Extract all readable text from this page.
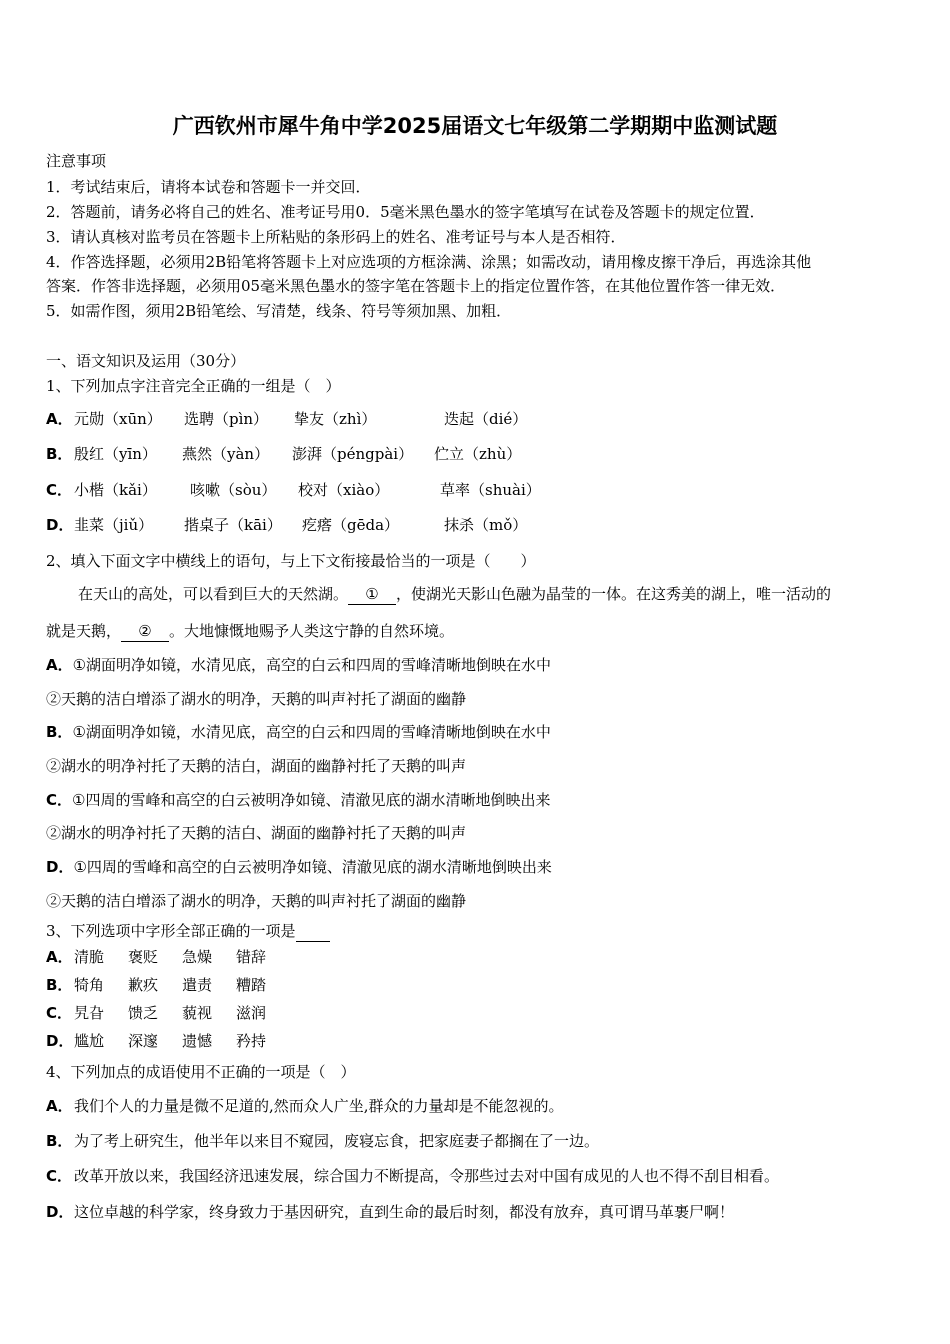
广西钦州市犀牛角中学2025届语文七年级第二学期期中监测试题
注意事项
1．考试结束后，请将本试卷和答题卡一并交回．
2．答题前，请务必将自己的姓名、准考证号用0．5毫米黑色墨水的签字笔填写在试卷及答题卡的规定位置．
3．请认真核对监考员在答题卡上所粘贴的条形码上的姓名、准考证号与本人是否相符．
4．作答选择题，必须用2B铅笔将答题卡上对应选项的方框涂满、涂黑；如需改动，请用橡皮擦干净后，再选涂其他
答案．作答非选择题，必须用05毫米黑色墨水的签字笔在答题卡上的指定位置作答，在其他位置作答一律无效．
5．如需作图，须用2B铅笔绘、写清楚，线条、符号等须加黑、加粗．
一、语文知识及运用（30分）
1、下列加点字注音完全正确的一组是（　）
A． 元勋（xūn）	选聘（pìn）	挚友（zhì）	迭起（dié）
B． 殷红（yīn）	燕然（yàn）	澎湃（péngpài）	伫立（zhù）
C． 小楷（kǎi）	咳嗽（sòu）	校对（xiào）	草率（shuài）
D． 韭菜（jiǔ）	揩桌子（kāi）	疙瘩（gēda）	抹杀（mǒ）
2、填入下面文字中横线上的语句，与上下文衔接最恰当的一项是（　　）
在天山的高处，可以看到巨大的天然湖。 ① ，使湖光天影山色融为晶莹的一体。在这秀美的湖上，唯一活动的
就是天鹅， ② 。大地慷慨地赐予人类这宁静的自然环境。
A．①湖面明净如镜，水清见底，高空的白云和四周的雪峰清晰地倒映在水中
②天鹅的洁白增添了湖水的明净，天鹅的叫声衬托了湖面的幽静
B．①湖面明净如镜，水清见底，高空的白云和四周的雪峰清晰地倒映在水中
②湖水的明净衬托了天鹅的洁白，湖面的幽静衬托了天鹅的叫声
C．①四周的雪峰和高空的白云被明净如镜、清澈见底的湖水清晰地倒映出来
②湖水的明净衬托了天鹅的洁白、湖面的幽静衬托了天鹅的叫声
D．①四周的雪峰和高空的白云被明净如镜、清澈见底的湖水清晰地倒映出来
②天鹅的洁白增添了湖水的明净，天鹅的叫声衬托了湖面的幽静
3、下列选项中字形全部正确的一项是
A． 清脆	褒贬	急燥	错辞
B． 犄角	歉疚	遣责	糟踏
C． 旯旮	馈乏	藐视	滋润
D． 尴尬	深邃	遗憾	矜持
4、下列加点的成语使用不正确的一项是（　）
A． 我们个人的力量是微不足道的,然而众人广坐,群众的力量却是不能忽视的。
B． 为了考上研究生，他半年以来目不窥园，废寝忘食，把家庭妻子都搁在了一边。
C． 改革开放以来，我国经济迅速发展，综合国力不断提高，令那些过去对中国有成见的人也不得不刮目相看。
D． 这位卓越的科学家，终身致力于基因研究，直到生命的最后时刻，都没有放弃，真可谓马革裹尸啊！
